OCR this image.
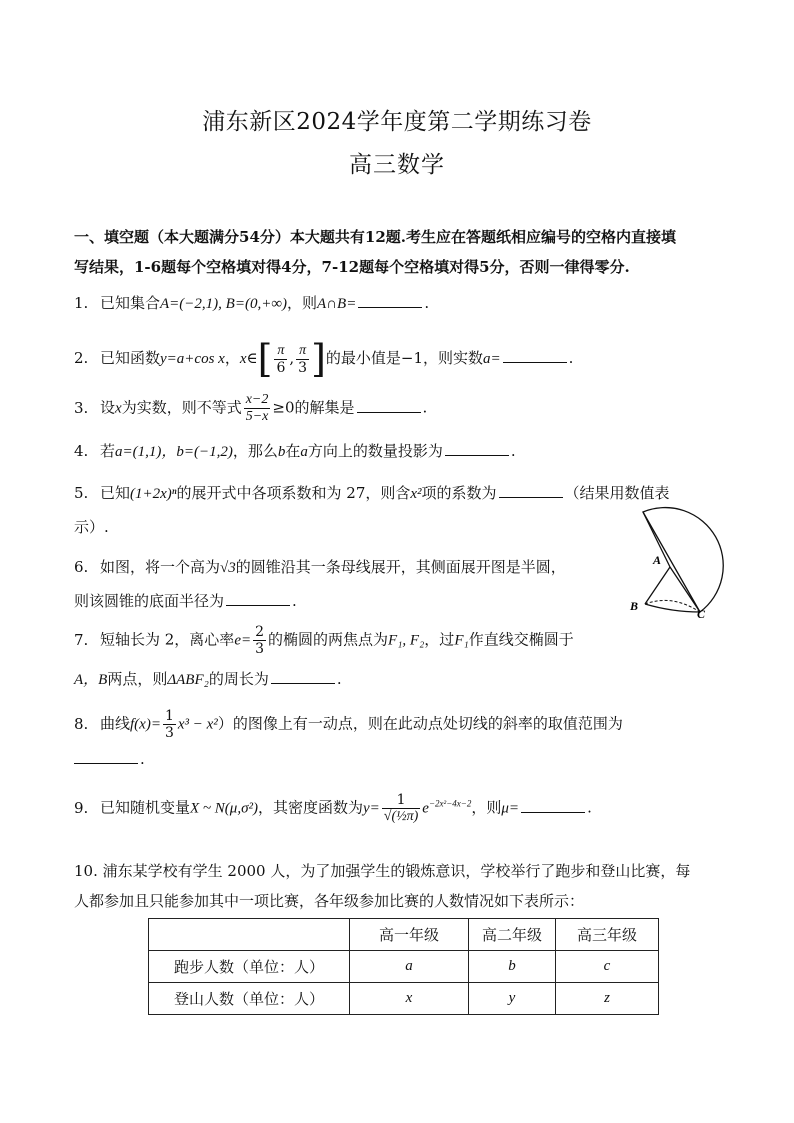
浦东新区2024学年度第二学期练习卷
高三数学
一、填空题（本大题满分54分）本大题共有12题.考生应在答题纸相应编号的空格内直接填
写结果，1-6题每个空格填对得4分，7-12题每个空格填对得5分，否则一律得零分.
1. 已知集合A=(−2,1), B=(0,+∞)，则A∩B=	.
2. 已知函数y=a+cos x，x∈[ $\frac{\pi}{6}$ , $\frac{\pi}{3}$ ]的最小值是−1，则实数a=	.
3. 设x为实数，则不等式 $\frac{x-2}{5-x} \ge 0$的解集是	.
4. 若a=(1,1)，b=(−1,2)，那么b在a方向上的数量投影为	.
5. 已知(1+2x)ⁿ的展开式中各项系数和为 27，则含x²项的系数为	（结果用数值表
示）.
6. 如图，将一个高为√3的圆锥沿其一条母线展开，其侧面展开图是半圆，
则该圆锥的底面半径为	.
A
B
C
7. 短轴长为 2，离心率$e= \frac{2}{3}$ 的椭圆的两焦点为F₁, F₂，过F₁作直线交椭圆于
A，B两点，则ΔABF₂的周长为	.
8. 曲线$f(x)= \frac{1}{3} x^3 - x^2$）的图像上有一动点，则在此动点处切线的斜率的取值范围为
.
9. 已知随机变量X ~ N(μ,σ²)，其密度函数为$y= \frac{1}{\text{√(½π)}} e^{-2x^2-4x-2}$，则μ=	.
10. 浦东某学校有学生 2000 人，为了加强学生的锻炼意识，学校举行了跑步和登山比赛，每
人都参加且只能参加其中一项比赛，各年级参加比赛的人数情况如下表所示：
	高一年级	高二年级	高三年级
跑步人数（单位：人）	a	b	c
登山人数（单位：人）	x	y	z
